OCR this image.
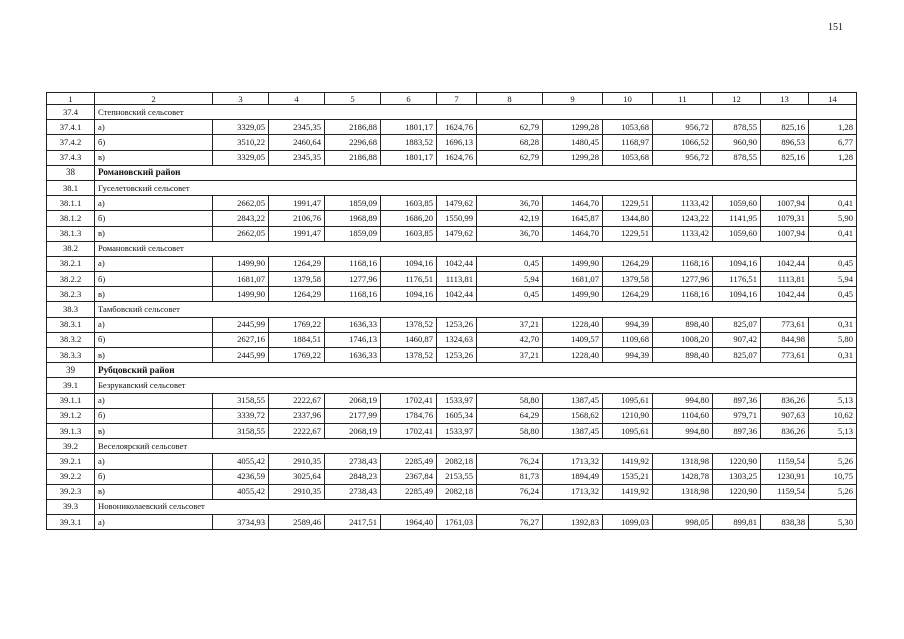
151
1	2	3	4	5	6	7	8	9	10	11	12	13	14
37.4	Степновский сельсовет												
37.4.1	а)	3329,05	2345,35	2186,88	1801,17	1624,76	62,79	1299,28	1053,68	956,72	878,55	825,16	1,28
37.4.2	б)	3510,22	2460,64	2296,68	1883,52	1696,13	68,28	1480,45	1168,97	1066,52	960,90	896,53	6,77
37.4.3	в)	3329,05	2345,35	2186,88	1801,17	1624,76	62,79	1299,28	1053,68	956,72	878,55	825,16	1,28
38	Романовский район												
38.1	Гуселетовский сельсовет												
38.1.1	а)	2662,05	1991,47	1859,09	1603,85	1479,62	36,70	1464,70	1229,51	1133,42	1059,60	1007,94	0,41
38.1.2	б)	2843,22	2106,76	1968,89	1686,20	1550,99	42,19	1645,87	1344,80	1243,22	1141,95	1079,31	5,90
38.1.3	в)	2662,05	1991,47	1859,09	1603,85	1479,62	36,70	1464,70	1229,51	1133,42	1059,60	1007,94	0,41
38.2	Романовский сельсовет												
38.2.1	а)	1499,90	1264,29	1168,16	1094,16	1042,44	0,45	1499,90	1264,29	1168,16	1094,16	1042,44	0,45
38.2.2	б)	1681,07	1379,58	1277,96	1176,51	1113,81	5,94	1681,07	1379,58	1277,96	1176,51	1113,81	5,94
38.2.3	в)	1499,90	1264,29	1168,16	1094,16	1042,44	0,45	1499,90	1264,29	1168,16	1094,16	1042,44	0,45
38.3	Тамбовский сельсовет												
38.3.1	а)	2445,99	1769,22	1636,33	1378,52	1253,26	37,21	1228,40	994,39	898,40	825,07	773,61	0,31
38.3.2	б)	2627,16	1884,51	1746,13	1460,87	1324,63	42,70	1409,57	1109,68	1008,20	907,42	844,98	5,80
38.3.3	в)	2445,99	1769,22	1636,33	1378,52	1253,26	37,21	1228,40	994,39	898,40	825,07	773,61	0,31
39	Рубцовский район												
39.1	Безрукавский сельсовет												
39.1.1	а)	3158,55	2222,67	2068,19	1702,41	1533,97	58,80	1387,45	1095,61	994,80	897,36	836,26	5,13
39.1.2	б)	3339,72	2337,96	2177,99	1784,76	1605,34	64,29	1568,62	1210,90	1104,60	979,71	907,63	10,62
39.1.3	в)	3158,55	2222,67	2068,19	1702,41	1533,97	58,80	1387,45	1095,61	994,80	897,36	836,26	5,13
39.2	Веселоярский сельсовет												
39.2.1	а)	4055,42	2910,35	2738,43	2285,49	2082,18	76,24	1713,32	1419,92	1318,98	1220,90	1159,54	5,26
39.2.2	б)	4236,59	3025,64	2848,23	2367,84	2153,55	81,73	1894,49	1535,21	1428,78	1303,25	1230,91	10,75
39.2.3	в)	4055,42	2910,35	2738,43	2285,49	2082,18	76,24	1713,32	1419,92	1318,98	1220,90	1159,54	5,26
39.3	Новониколаевский сельсовет												
39.3.1	а)	3734,93	2589,46	2417,51	1964,40	1761,03	76,27	1392,83	1099,03	998,05	899,81	838,38	5,30
